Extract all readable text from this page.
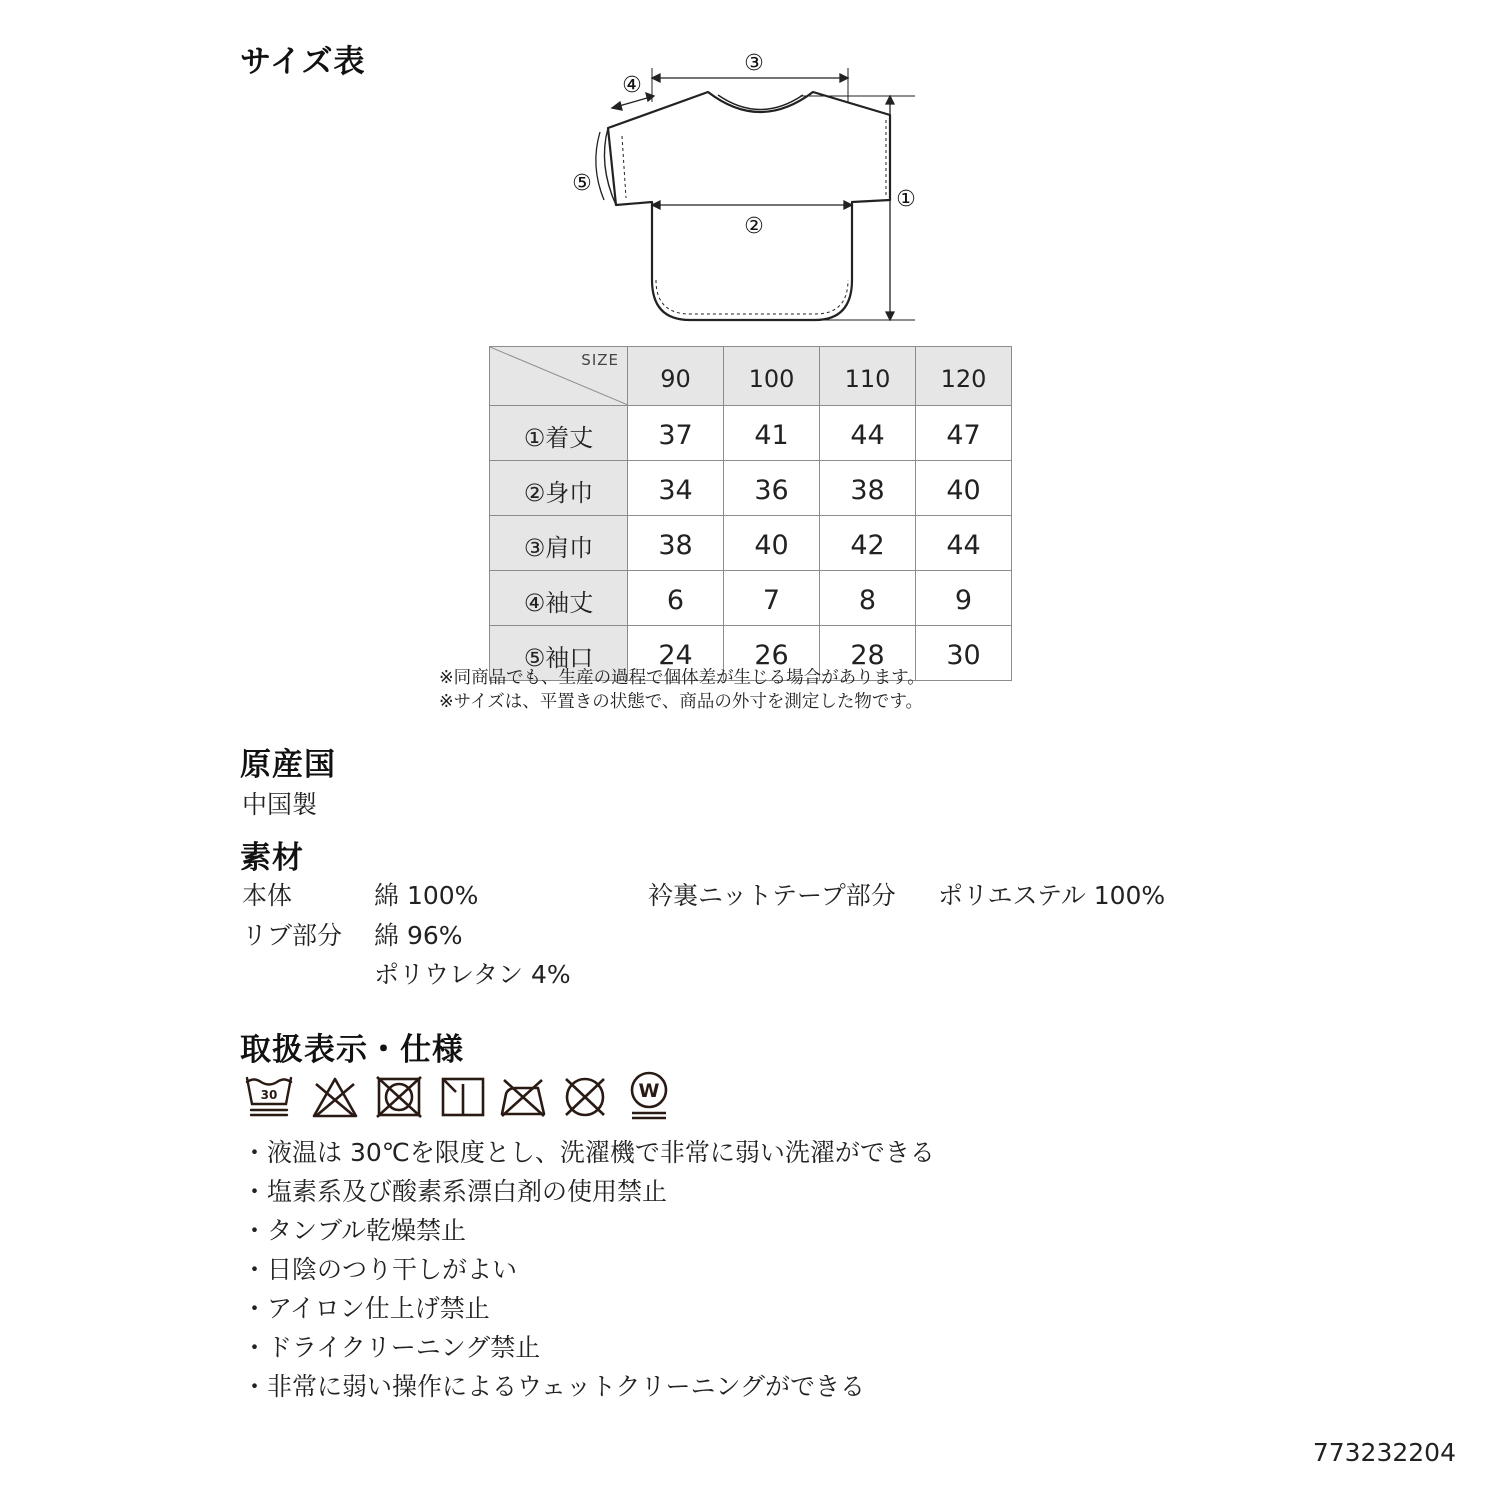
サイズ表	③
②
①
④
⑤
SIZE	90	100	110	120
①着丈	37	41	44	47
②身巾	34	36	38	40
③肩巾	38	40	42	44
④袖丈	6	7	8	9
⑤袖口	24	26	28	30
※同商品でも、生産の過程で個体差が生じる場合があります。
※サイズは、平置きの状態で、商品の外寸を測定した物です。
原産国
中国製
素材
本体	綿 100%	衿裏ニットテープ部分 ポリエステル 100%
リブ部分 綿 96%
ポリウレタン 4%
取扱表示・仕様
30	W
・液温は 30℃を限度とし、洗濯機で非常に弱い洗濯ができる
・塩素系及び酸素系漂白剤の使用禁止
・タンブル乾燥禁止
・日陰のつり干しがよい
・アイロン仕上げ禁止
・ドライクリーニング禁止
・非常に弱い操作によるウェットクリーニングができる
773232204
